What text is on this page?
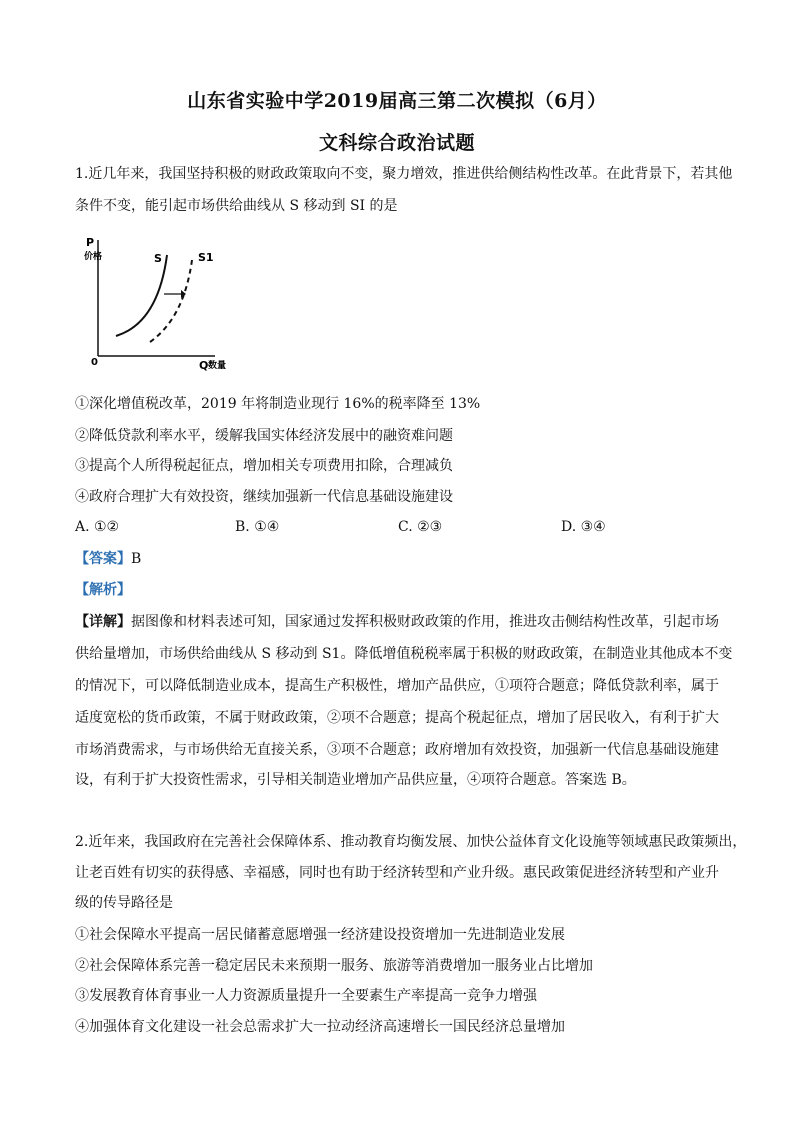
山东省实验中学2019届高三第二次模拟（6月）
文科综合政治试题
1.近几年来，我国坚持积极的财政政策取向不变，聚力增效，推进供给侧结构性改革。在此背景下，若其他
条件不变，能引起市场供给曲线从 S 移动到 SI 的是
P
价格
0	Q 数量
S	S1
①深化增值税改革，2019 年将制造业现行 16%的税率降至 13%
②降低贷款利率水平，缓解我国实体经济发展中的融资难问题
③提高个人所得税起征点，增加相关专项费用扣除，合理减负
④政府合理扩大有效投资，继续加强新一代信息基础设施建设
A. ①②	B. ①④	C. ②③	D. ③④
【答案】B
【解析】
【详解】据图像和材料表述可知，国家通过发挥积极财政政策的作用，推进攻击侧结构性改革，引起市场
供给量增加，市场供给曲线从 S 移动到 S1。降低增值税税率属于积极的财政政策，在制造业其他成本不变
的情况下，可以降低制造业成本，提高生产积极性，增加产品供应，①项符合题意；降低贷款利率，属于
适度宽松的货币政策，不属于财政政策，②项不合题意；提高个税起征点，增加了居民收入，有利于扩大
市场消费需求，与市场供给无直接关系，③项不合题意；政府增加有效投资，加强新一代信息基础设施建
设，有利于扩大投资性需求，引导相关制造业增加产品供应量，④项符合题意。答案选 B。
2.近年来，我国政府在完善社会保障体系、推动教育均衡发展、加快公益体育文化设施等领域惠民政策频出，
让老百姓有切实的获得感、幸福感，同时也有助于经济转型和产业升级。惠民政策促进经济转型和产业升
级的传导路径是
①社会保障水平提高一居民储蓄意愿增强一经济建设投资增加一先进制造业发展
②社会保障体系完善一稳定居民未来预期一服务、旅游等消费增加一服务业占比增加
③发展教育体育事业一人力资源质量提升一全要素生产率提高一竞争力增强
④加强体育文化建设一社会总需求扩大一拉动经济高速增长一国民经济总量增加
